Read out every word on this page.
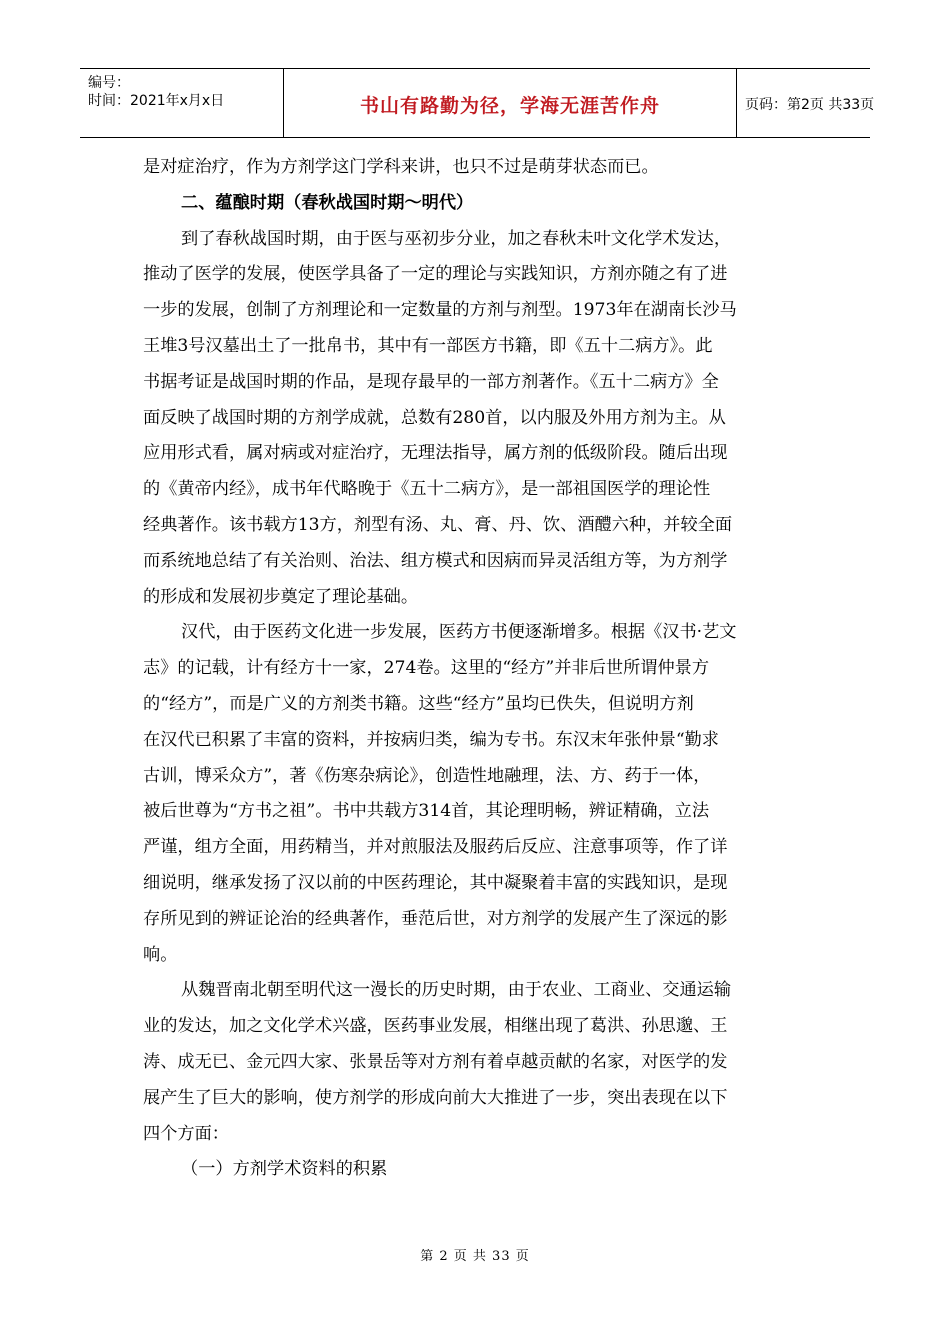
编号：
时间：2021年x月x日	书山有路勤为径，学海无涯苦作舟	页码：第2页 共33页
是对症治疗，作为方剂学这门学科来讲，也只不过是萌芽状态而已。
二、蕴酿时期（春秋战国时期～明代）
到了春秋战国时期，由于医与巫初步分业，加之春秋未叶文化学术发达，
推动了医学的发展，使医学具备了一定的理论与实践知识，方剂亦随之有了进
一步的发展，创制了方剂理论和一定数量的方剂与剂型。1973年在湖南长沙马
王堆3号汉墓出土了一批帛书，其中有一部医方书籍，即《五十二病方》。此
书据考证是战国时期的作品，是现存最早的一部方剂著作。《五十二病方》全
面反映了战国时期的方剂学成就，总数有280首，以内服及外用方剂为主。从
应用形式看，属对病或对症治疗，无理法指导，属方剂的低级阶段。随后出现
的《黄帝内经》，成书年代略晚于《五十二病方》，是一部祖国医学的理论性
经典著作。该书载方13方，剂型有汤、丸、膏、丹、饮、酒醴六种，并较全面
而系统地总结了有关治则、治法、组方模式和因病而异灵活组方等，为方剂学
的形成和发展初步奠定了理论基础。
汉代，由于医药文化进一步发展，医药方书便逐渐增多。根据《汉书·艺文
志》的记载，计有经方十一家，274卷。这里的“经方”并非后世所谓仲景方
的“经方”，而是广义的方剂类书籍。这些“经方”虽均已佚失，但说明方剂
在汉代已积累了丰富的资料，并按病归类，编为专书。东汉末年张仲景“勤求
古训，博采众方”，著《伤寒杂病论》，创造性地融理，法、方、药于一体，
被后世尊为“方书之祖”。书中共载方314首，其论理明畅，辨证精确，立法
严谨，组方全面，用药精当，并对煎服法及服药后反应、注意事项等，作了详
细说明，继承发扬了汉以前的中医药理论，其中凝聚着丰富的实践知识，是现
存所见到的辨证论治的经典著作，垂范后世，对方剂学的发展产生了深远的影
响。
从魏晋南北朝至明代这一漫长的历史时期，由于农业、工商业、交通运输
业的发达，加之文化学术兴盛，医药事业发展，相继出现了葛洪、孙思邈、王
涛、成无已、金元四大家、张景岳等对方剂有着卓越贡献的名家，对医学的发
展产生了巨大的影响，使方剂学的形成向前大大推进了一步，突出表现在以下
四个方面：
（一）方剂学术资料的积累
第 2 页 共 33 页
